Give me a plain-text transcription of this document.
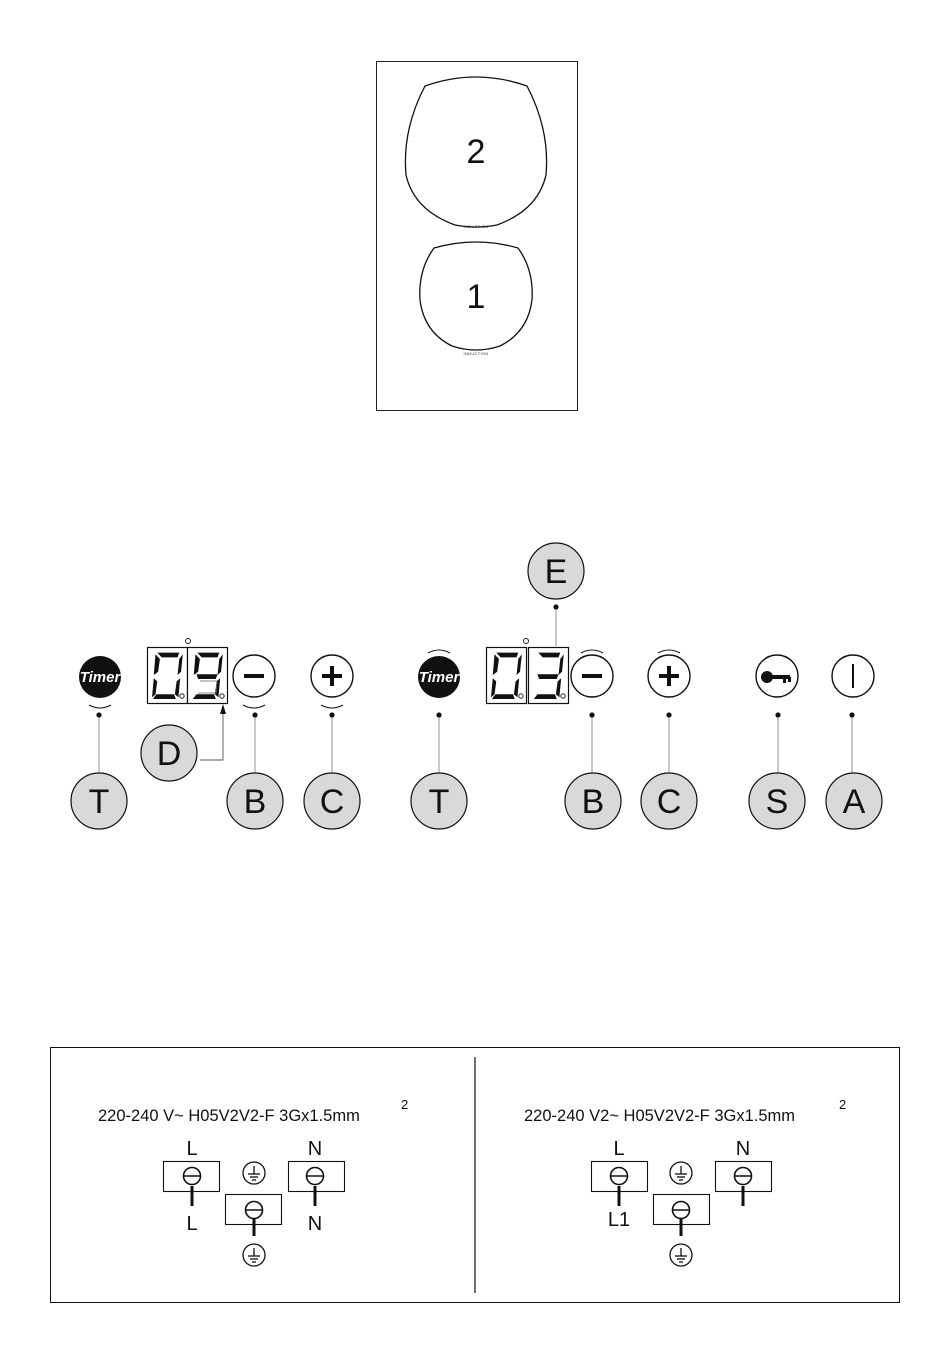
2
INDUCTION
1
INDUCTION
Timer
T
D
B C
E
Timer
T	B C S A
220-240 V~ H05V2V2-F 3Gx1.5mm
2
L	N
L	N
220-240 V2~ H05V2V2-F 3Gx1.5mm
2
L	N
L1
